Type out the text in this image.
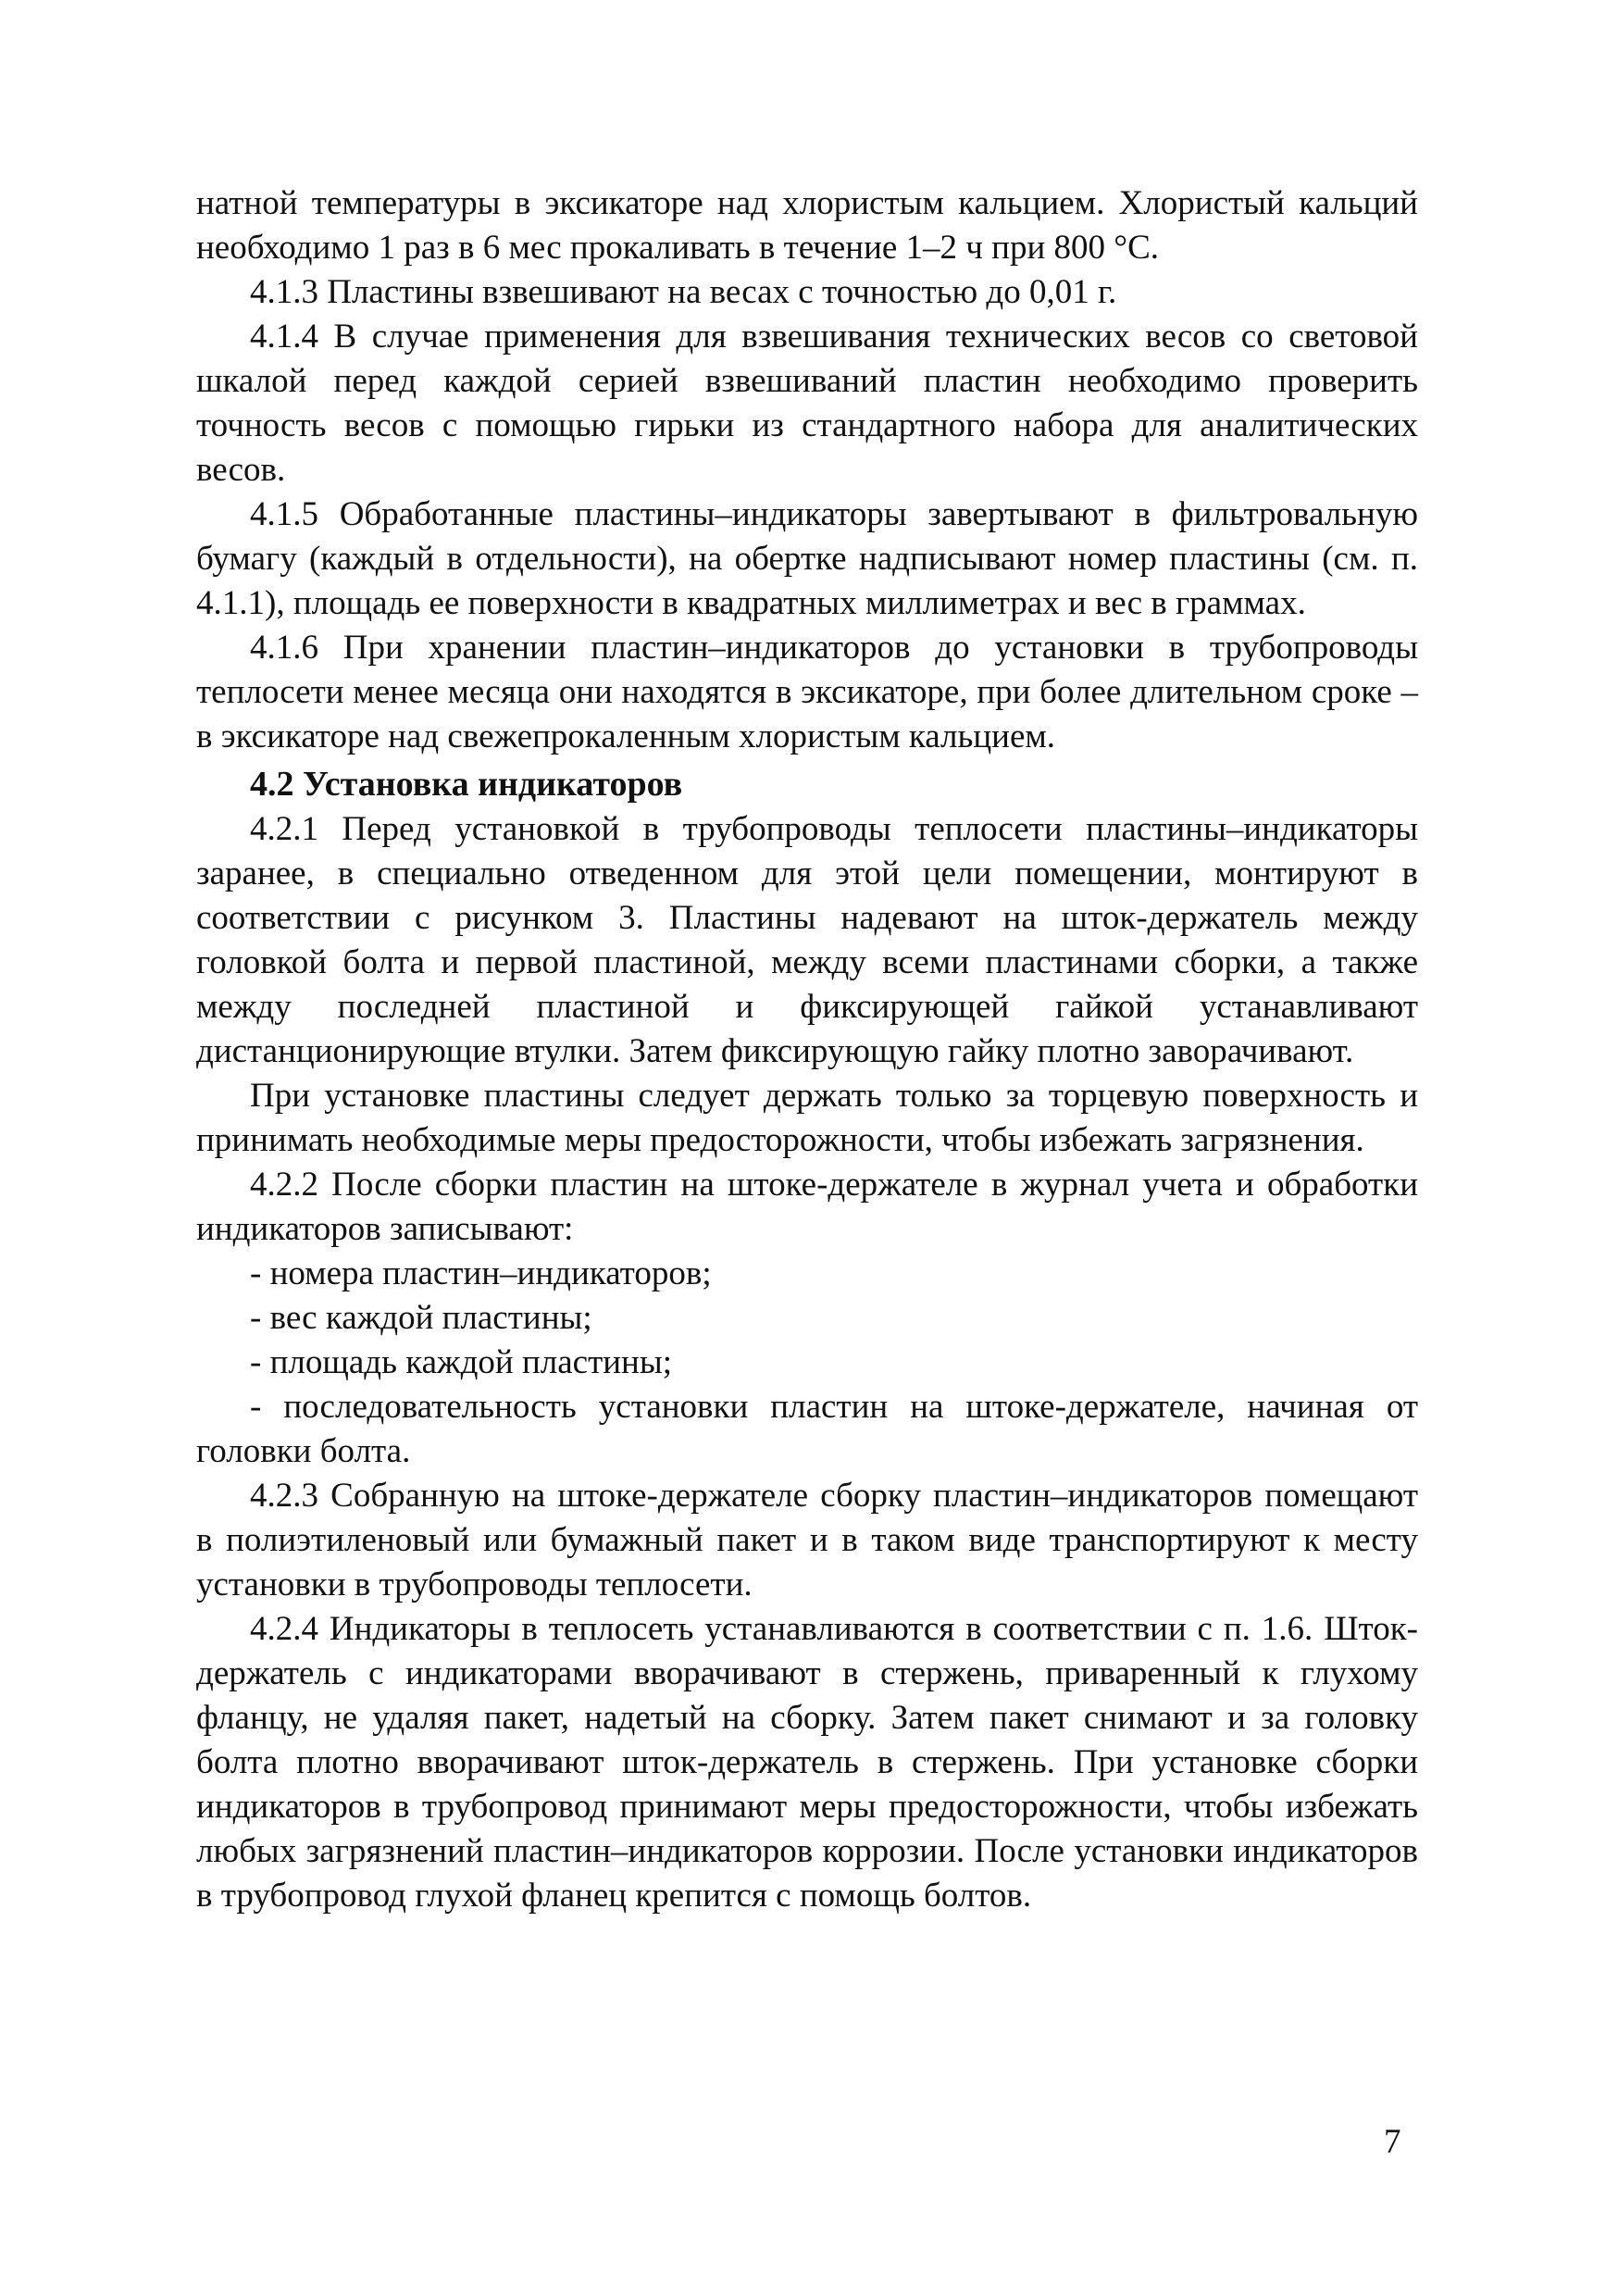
натной температуры в эксикаторе над хлористым кальцием. Хлористый кальций необходимо 1 раз в 6 мес прокаливать в течение 1–2 ч при 800 °С.

4.1.3 Пластины взвешивают на весах с точностью до 0,01 г.

4.1.4 В случае применения для взвешивания технических весов со световой шкалой перед каждой серией взвешиваний пластин необходимо проверить точность весов с помощью гирьки из стандартного набора для аналитических весов.

4.1.5 Обработанные пластины–индикаторы завертывают в фильтровальную бумагу (каждый в отдельности), на обертке надписывают номер пластины (см. п. 4.1.1), площадь ее поверхности в квадратных миллиметрах и вес в граммах.

4.1.6 При хранении пластин–индикаторов до установки в трубопроводы теплосети менее месяца они находятся в эксикаторе, при более длительном сроке – в эксикаторе над свежепрокаленным хлористым кальцием.

4.2 Установка индикаторов

4.2.1 Перед установкой в трубопроводы теплосети пластины–индикаторы заранее, в специально отведенном для этой цели помещении, монтируют в соответствии с рисунком 3. Пластины надевают на шток-держатель между головкой болта и первой пластиной, между всеми пластинами сборки, а также между последней пластиной и фиксирующей гайкой устанавливают дистанционирующие втулки. Затем фиксирующую гайку плотно заворачивают.

При установке пластины следует держать только за торцевую поверхность и принимать необходимые меры предосторожности, чтобы избежать загрязнения.

4.2.2 После сборки пластин на штоке-держателе в журнал учета и обработки индикаторов записывают:

- номера пластин–индикаторов;

- вес каждой пластины;

- площадь каждой пластины;

- последовательность установки пластин на штоке-держателе, начиная от головки болта.

4.2.3 Собранную на штоке-держателе сборку пластин–индикаторов помещают в полиэтиленовый или бумажный пакет и в таком виде транспортируют к месту установки в трубопроводы теплосети.

4.2.4 Индикаторы в теплосеть устанавливаются в соответствии с п. 1.6. Шток-держатель с индикаторами вворачивают в стержень, приваренный к глухому фланцу, не удаляя пакет, надетый на сборку. Затем пакет снимают и за головку болта плотно вворачивают шток-держатель в стержень. При установке сборки индикаторов в трубопровод принимают меры предосторожности, чтобы избежать любых загрязнений пластин–индикаторов коррозии. После установки индикаторов в трубопровод глухой фланец крепится с помощь болтов.

7
